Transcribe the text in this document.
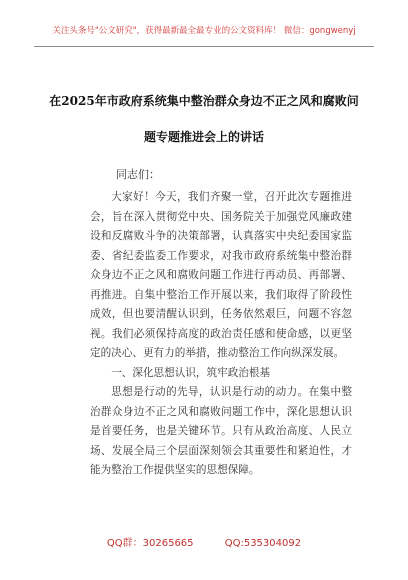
关注头条号"公文研究"，获得最新最全最专业的公文资料库！ 微信：gongwenyj
在2025年市政府系统集中整治群众身边不正之风和腐败问
题专题推进会上的讲话
同志们：

大家好！今天，我们齐聚一堂，召开此次专题推进会，旨在深入贯彻党中央、国务院关于加强党风廉政建设和反腐败斗争的决策部署，认真落实中央纪委国家监委、省纪委监委工作要求，对我市政府系统集中整治群众身边不正之风和腐败问题工作进行再动员、再部署、再推进。自集中整治工作开展以来，我们取得了阶段性成效，但也要清醒认识到，任务依然艰巨，问题不容忽视。我们必须保持高度的政治责任感和使命感，以更坚定的决心、更有力的举措，推动整治工作向纵深发展。

一、深化思想认识，筑牢政治根基

思想是行动的先导，认识是行动的动力。在集中整治群众身边不正之风和腐败问题工作中，深化思想认识是首要任务，也是关键环节。只有从政治高度、人民立场、发展全局三个层面深刻领会其重要性和紧迫性，才能为整治工作提供坚实的思想保障。

QQ群：30265665	QQ:535304092
